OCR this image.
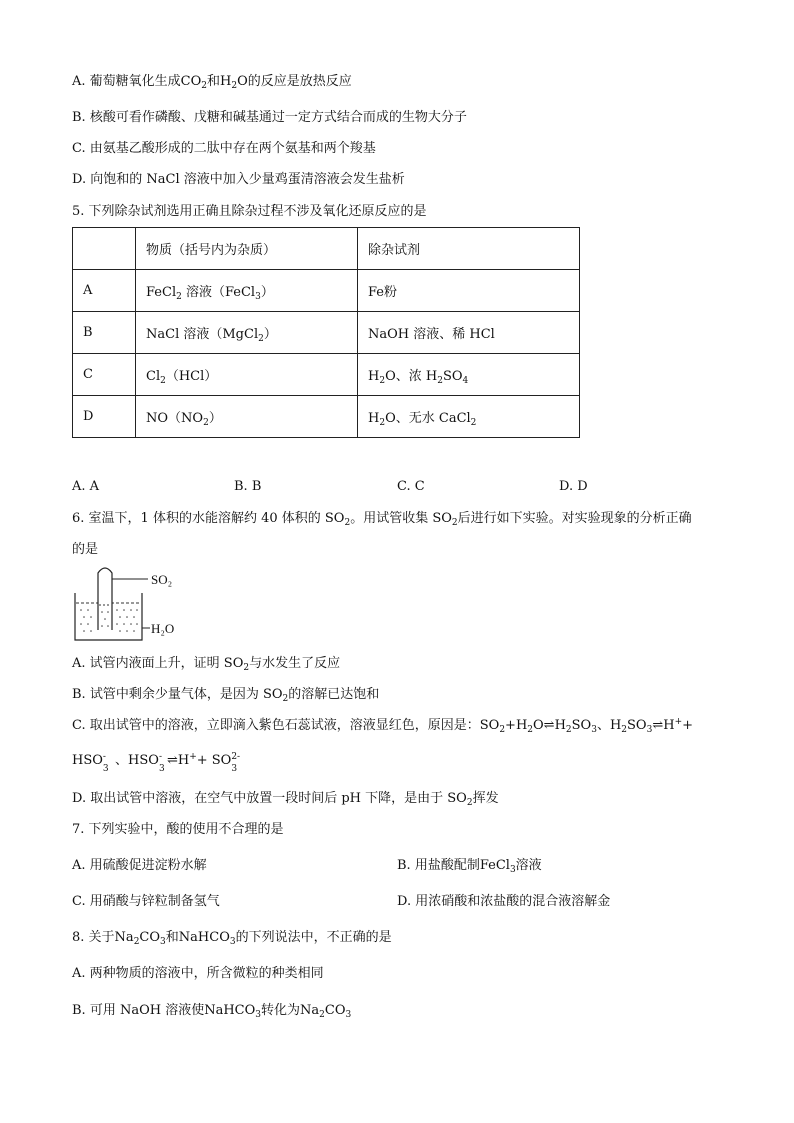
A. 葡萄糖氧化生成$CO_2$和$H_2O$的反应是放热反应
B. 核酸可看作磷酸、戊糖和碱基通过一定方式结合而成的生物大分子
C. 由氨基乙酸形成的二肽中存在两个氨基和两个羧基
D. 向饱和的 NaCl 溶液中加入少量鸡蛋清溶液会发生盐析
5. 下列除杂试剂选用正确且除杂过程不涉及氧化还原反应的是
	物质（括号内为杂质）	除杂试剂
A	FeCl$_2$ 溶液（FeCl$_3$）	Fe粉
B	NaCl 溶液（MgCl$_2$）	NaOH 溶液、稀 HCl
C	$Cl_2(HCl)$	$H_2O$、浓 $H_2SO_4$
D	$NO(NO_2)$	$H_2O$、无水 CaCl$_2$
A. A	B. B	C. C	D. D
6. 室温下，1 体积的水能溶解约 40 体积的 $SO_2$。用试管收集 $SO_2$后进行如下实验。对实验现象的分析正确
的是
SO₂
H₂O
A. 试管内液面上升，证明 $SO_2$与水发生了反应
B. 试管中剩余少量气体，是因为 $SO_2$的溶解已达饱和
C. 取出试管中的溶液，立即滴入紫色石蕊试液，溶液显红色，原因是：$SO_2+H_2O\rightleftharpoons H_2SO_3$、$H_2SO_3\rightleftharpoons H^++$
HSO -
3
、HSO -
3
⇌H++ SO 2-
3
D. 取出试管中溶液，在空气中放置一段时间后 pH 下降，是由于 $SO_2$挥发
7. 下列实验中，酸的使用不合理的是
A. 用硫酸促进淀粉水解	B. 用盐酸配制FeCl$_3$溶液
C. 用硝酸与锌粒制备氢气	D. 用浓硝酸和浓盐酸的混合液溶解金
8. 关于$Na_2CO_3$和NaHCO$_3$的下列说法中，不正确的是
A. 两种物质的溶液中，所含微粒的种类相同
B. 可用 NaOH 溶液使NaHCO$_3$转化为$Na_2CO_3$
